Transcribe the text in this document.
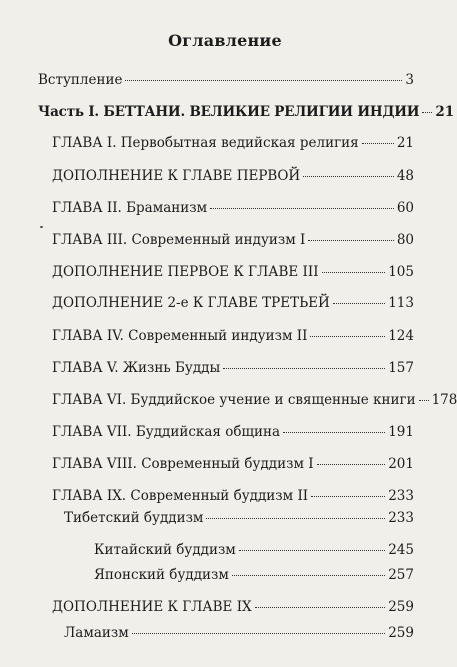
Оглавление
Вступление	3
Часть I. БЕТТАНИ. ВЕЛИКИЕ РЕЛИГИИ ИНДИИ 21
ГЛАВА I. Первобытная ведийская религия	21
ДОПОЛНЕНИЕ К ГЛАВЕ ПЕРВОЙ	48
ГЛАВА II. Браманизм	60
ГЛАВА III. Современный индуизм I	80
ДОПОЛНЕНИЕ ПЕРВОЕ К ГЛАВЕ III	105
ДОПОЛНЕНИЕ 2-е К ГЛАВЕ ТРЕТЬЕЙ	113
ГЛАВА IV. Современный индуизм II	124
ГЛАВА V. Жизнь Будды	157
ГЛАВА VI. Буддийское учение и священные книги 178
ГЛАВА VII. Буддийская община	191
ГЛАВА VIII. Современный буддизм I	201
ГЛАВА IX. Современный буддизм II	233
Тибетский буддизм	233
Китайский буддизм	245
Японский буддизм	257
ДОПОЛНЕНИЕ К ГЛАВЕ IX	259
Ламаизм	259
